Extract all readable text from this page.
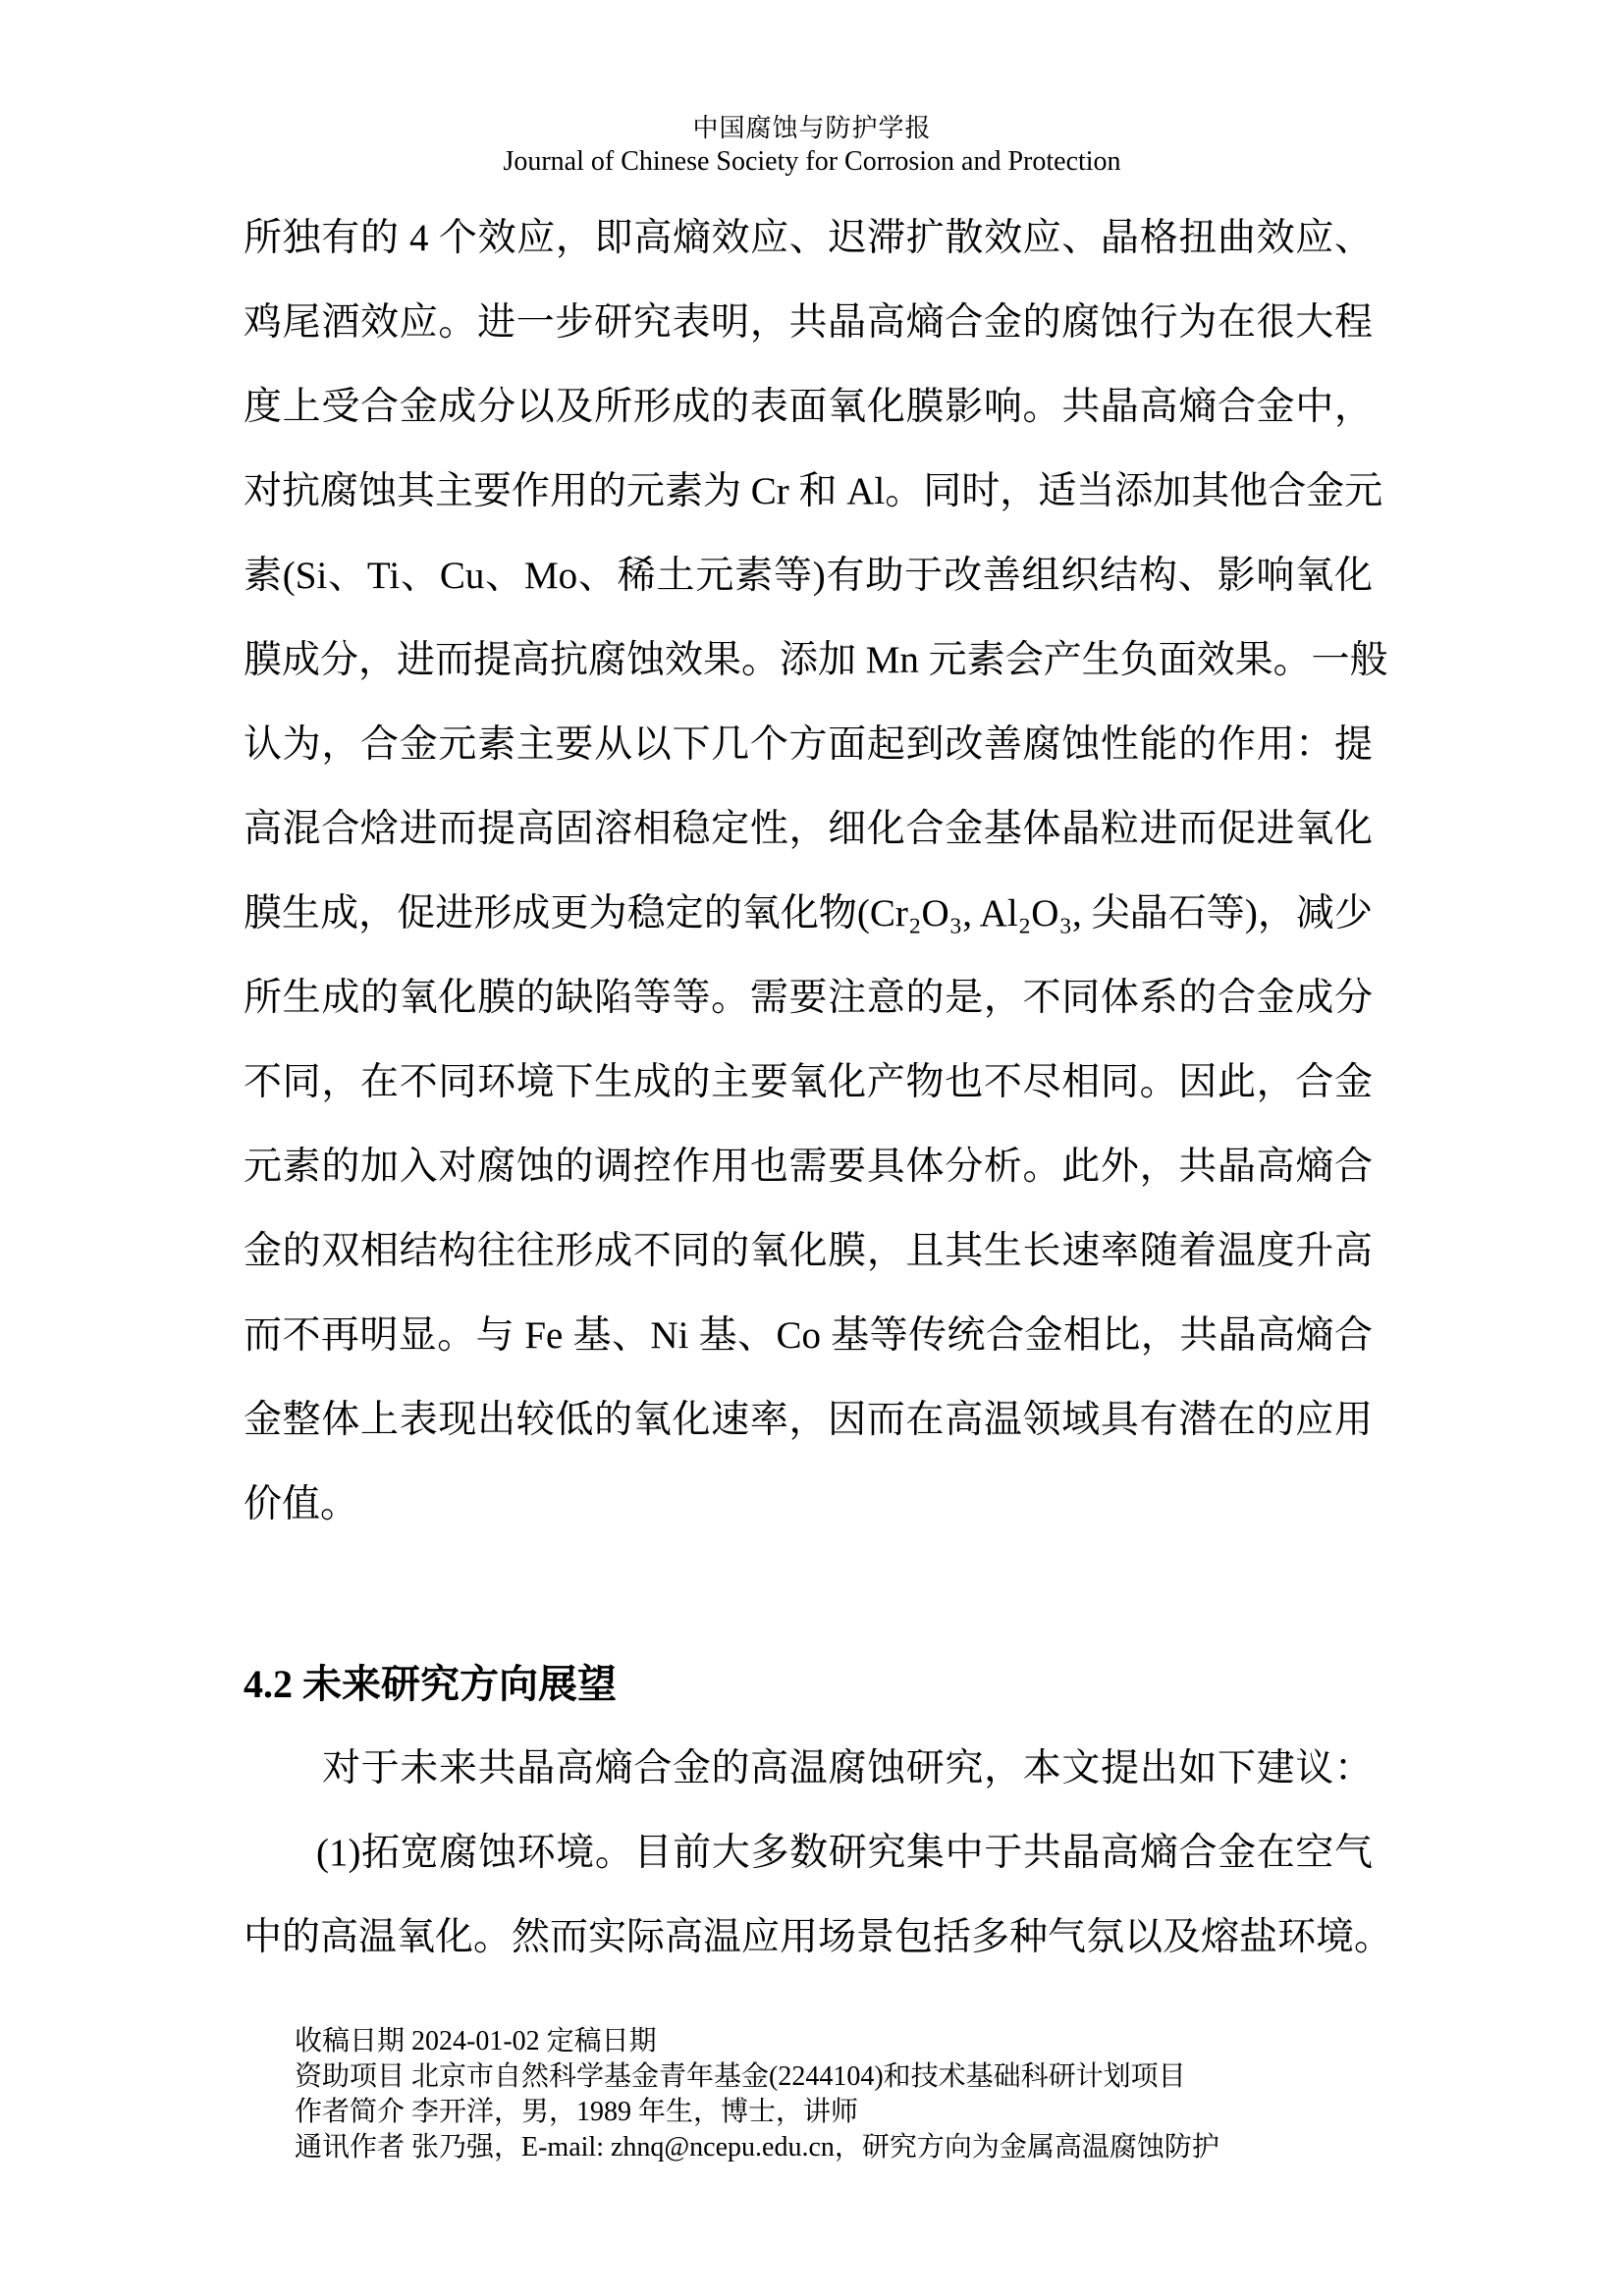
中国腐蚀与防护学报
Journal of Chinese Society for Corrosion and Protection
所独有的 4 个效应，即高熵效应、迟滞扩散效应、晶格扭曲效应、
鸡尾酒效应。进一步研究表明，共晶高熵合金的腐蚀行为在很大程
度上受合金成分以及所形成的表面氧化膜影响。共晶高熵合金中，
对抗腐蚀其主要作用的元素为 Cr 和 Al。同时，适当添加其他合金元
素(Si、Ti、Cu、Mo、稀土元素等)有助于改善组织结构、影响氧化
膜成分，进而提高抗腐蚀效果。添加 Mn 元素会产生负面效果。一般
认为，合金元素主要从以下几个方面起到改善腐蚀性能的作用：提
高混合焓进而提高固溶相稳定性，细化合金基体晶粒进而促进氧化
膜生成，促进形成更为稳定的氧化物(Cr₂O₃, Al₂O₃, 尖晶石等)，减少
所生成的氧化膜的缺陷等等。需要注意的是，不同体系的合金成分
不同，在不同环境下生成的主要氧化产物也不尽相同。因此，合金
元素的加入对腐蚀的调控作用也需要具体分析。此外，共晶高熵合
金的双相结构往往形成不同的氧化膜，且其生长速率随着温度升高
而不再明显。与 Fe 基、Ni 基、Co 基等传统合金相比，共晶高熵合
金整体上表现出较低的氧化速率，因而在高温领域具有潜在的应用
价值。
4.2 未来研究方向展望
对于未来共晶高熵合金的高温腐蚀研究，本文提出如下建议：
(1)拓宽腐蚀环境。目前大多数研究集中于共晶高熵合金在空气
中的高温氧化。然而实际高温应用场景包括多种气氛以及熔盐环境。
收稿日期 2024-01-02 定稿日期
资助项目 北京市自然科学基金青年基金(2244104)和技术基础科研计划项目
作者简介 李开洋，男，1989 年生，博士，讲师
通讯作者 张乃强，E-mail: zhnq@ncepu.edu.cn，研究方向为金属高温腐蚀防护
